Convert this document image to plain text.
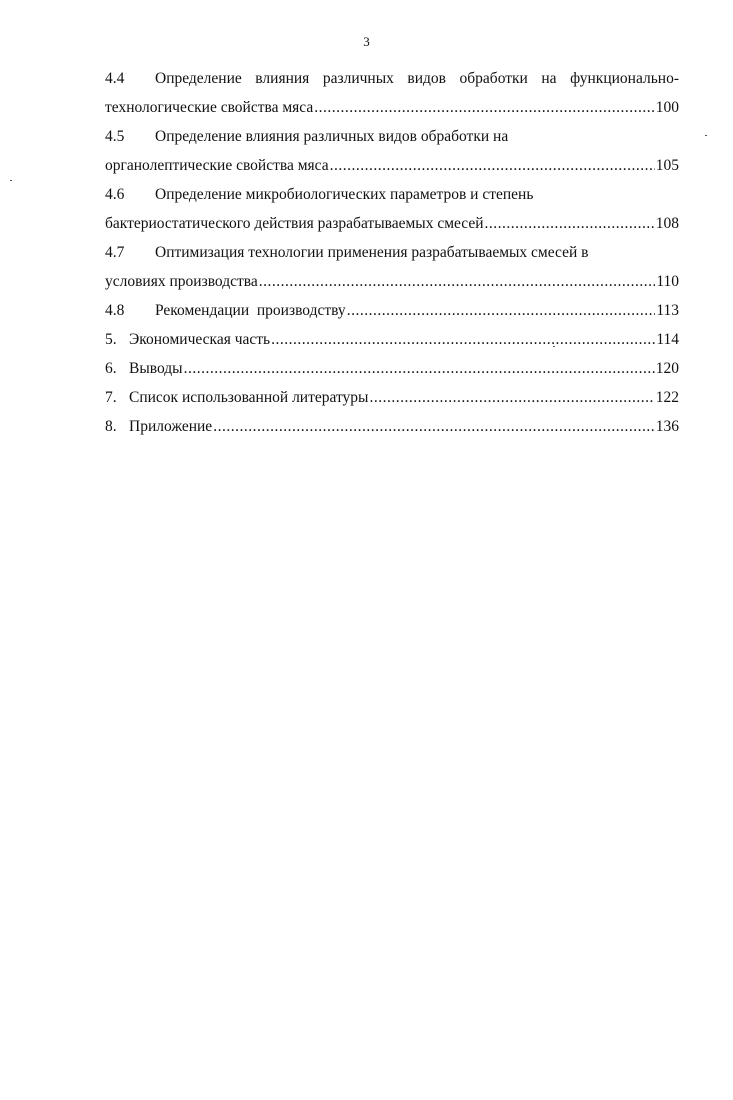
3
4.4	Определение влияния различных видов обработки на функционально-
технологические свойства мяса .....	100
4.5	Определение влияния различных видов обработки на
органолептические свойства мяса .....	105
4.6	Определение микробиологических параметров и степень
бактериостатического действия разрабатываемых смесей .....	108
4.7	Оптимизация технологии применения разрабатываемых смесей в
условиях производства .....	110
4.8	Рекомендации  производству .....	113
5. Экономическая часть .....	114
6. Выводы .....	120
7. Список использованной литературы .....	122
8. Приложение .....	136
